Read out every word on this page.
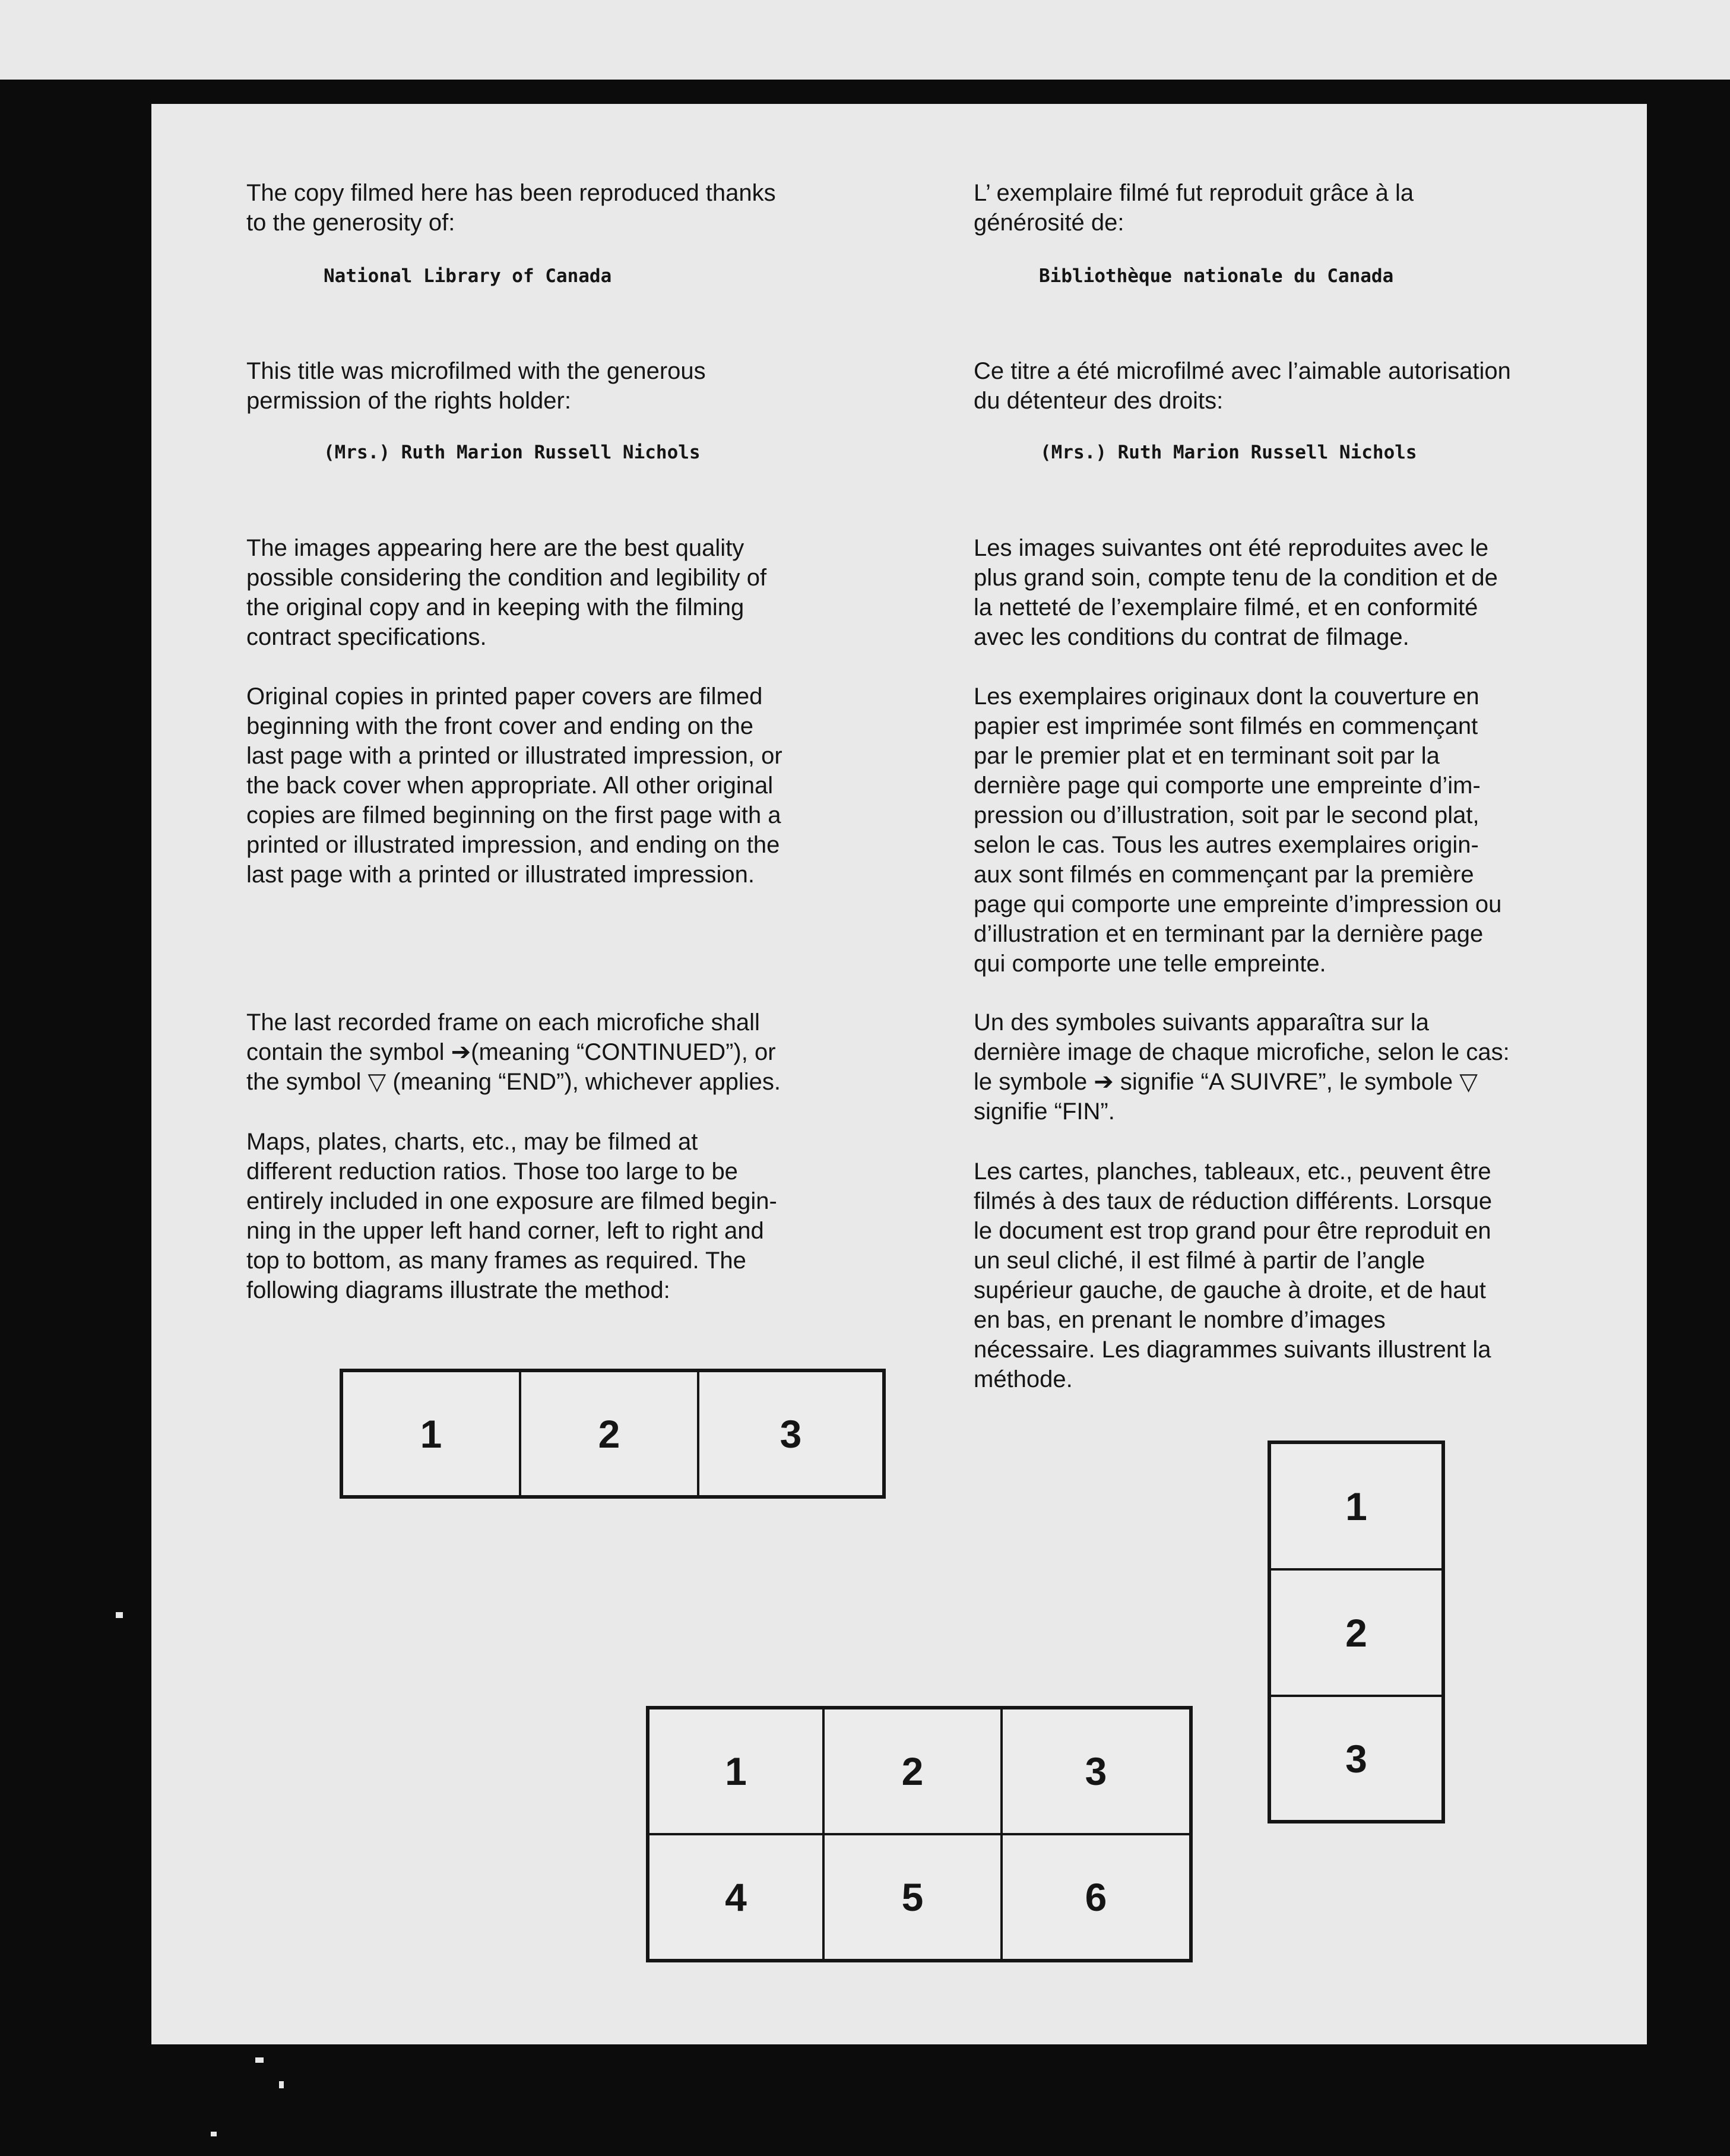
The copy filmed here has been reproduced thanks
to the generosity of:

National Library of Canada

This title was microfilmed with the generous
permission of the rights holder:

(Mrs.) Ruth Marion Russell Nichols

The images appearing here are the best quality
possible considering the condition and legibility of
the original copy and in keeping with the filming
contract specifications.

Original copies in printed paper covers are filmed
beginning with the front cover and ending on the
last page with a printed or illustrated impression, or
the back cover when appropriate. All other original
copies are filmed beginning on the first page with a
printed or illustrated impression, and ending on the
last page with a printed or illustrated impression.

The last recorded frame on each microfiche shall
contain the symbol ➔(meaning “CONTINUED”), or
the symbol ▽ (meaning “END”), whichever applies.

Maps, plates, charts, etc., may be filmed at
different reduction ratios. Those too large to be
entirely included in one exposure are filmed begin-
ning in the upper left hand corner, left to right and
top to bottom, as many frames as required. The
following diagrams illustrate the method:

L’ exemplaire filmé fut reproduit grâce à la
générosité de:

Bibliothèque nationale du Canada

Ce titre a été microfilmé avec l’aimable autorisation
du détenteur des droits:

(Mrs.) Ruth Marion Russell Nichols

Les images suivantes ont été reproduites avec le
plus grand soin, compte tenu de la condition et de
la netteté de l’exemplaire filmé, et en conformité
avec les conditions du contrat de filmage.

Les exemplaires originaux dont la couverture en
papier est imprimée sont filmés en commençant
par le premier plat et en terminant soit par la
dernière page qui comporte une empreinte d’im-
pression ou d’illustration, soit par le second plat,
selon le cas. Tous les autres exemplaires origin-
aux sont filmés en commençant par la première
page qui comporte une empreinte d’impression ou
d’illustration et en terminant par la dernière page
qui comporte une telle empreinte.

Un des symboles suivants apparaîtra sur la
dernière image de chaque microfiche, selon le cas:
le symbole ➔ signifie “A SUIVRE”, le symbole ▽
signifie “FIN”.

Les cartes, planches, tableaux, etc., peuvent être
filmés à des taux de réduction différents. Lorsque
le document est trop grand pour être reproduit en
un seul cliché, il est filmé à partir de l’angle
supérieur gauche, de gauche à droite, et de haut
en bas, en prenant le nombre d’images
nécessaire. Les diagrammes suivants illustrent la
méthode.

1	2	3
1
2
3
1	2	3
4	5	6
